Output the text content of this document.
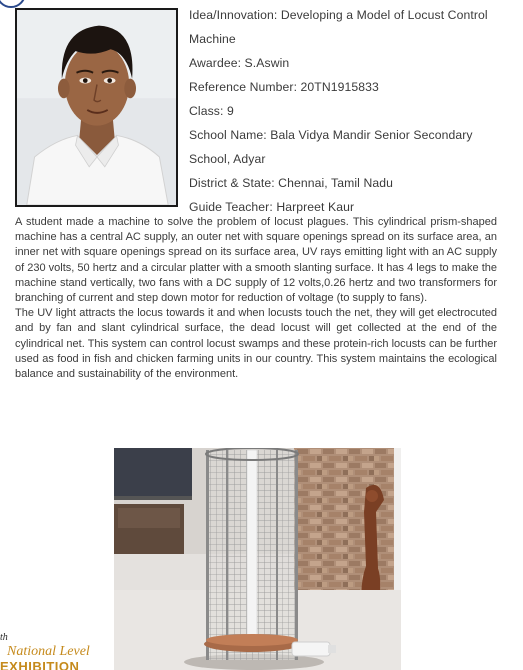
Idea/Innovation: Developing a Model of Locust Control
Machine
Awardee: S.Aswin
Reference Number: 20TN1915833
Class: 9
School Name: Bala Vidya Mandir Senior Secondary
School, Adyar
District & State: Chennai, Tamil Nadu
Guide Teacher: Harpreet Kaur

A student made a machine to solve the problem of locust plagues. This cylindrical prism-shaped machine has a central AC supply, an outer net with square openings spread on its surface area, an inner net with square openings spread on its surface area, UV rays emitting light with an AC supply of 230 volts, 50 hertz and a circular platter with a smooth slanting surface. It has 4 legs to make the machine stand vertically, two fans with a DC supply of 12 volts,0.26 hertz and two transformers for branching of current and step down motor for reduction of voltage (to supply to fans).

The UV light attracts the locus towards it and when locusts touch the net, they will get electrocuted and by fan and slant cylindrical surface, the dead locust will get collected at the end of the cylindrical net. This system can control locust swamps and these protein-rich locusts can be further used as food in fish and chicken farming units in our country. This system maintains the ecological balance and sustainability of the environment.

th
National Level
EXHIBITION
